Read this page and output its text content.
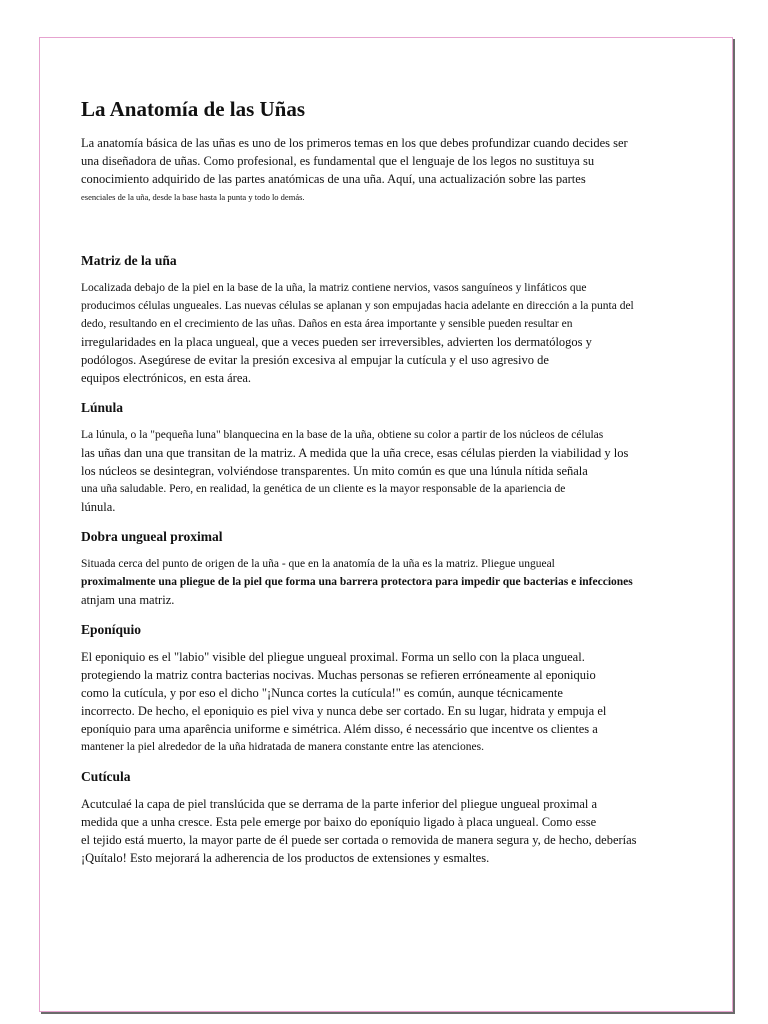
La Anatomía de las Uñas

La anatomía básica de las uñas es uno de los primeros temas en los que debes profundizar cuando decides ser
una diseñadora de uñas. Como profesional, es fundamental que el lenguaje de los legos no sustituya su
conocimiento adquirido de las partes anatómicas de una uña. Aquí, una actualización sobre las partes
esenciales de la uña, desde la base hasta la punta y todo lo demás.

Matriz de la uña

Localizada debajo de la piel en la base de la uña, la matriz contiene nervios, vasos sanguíneos y linfáticos que
producimos células ungueales. Las nuevas células se aplanan y son empujadas hacia adelante en dirección a la punta del
dedo, resultando en el crecimiento de las uñas. Daños en esta área importante y sensible pueden resultar en
irregularidades en la placa ungueal, que a veces pueden ser irreversibles, advierten los dermatólogos y
podólogos. Asegúrese de evitar la presión excesiva al empujar la cutícula y el uso agresivo de
equipos electrónicos, en esta área.

Lúnula

La lúnula, o la "pequeña luna" blanquecina en la base de la uña, obtiene su color a partir de los núcleos de células
las uñas dan una que transitan de la matriz. A medida que la uña crece, esas células pierden la viabilidad y los
los núcleos se desintegran, volviéndose transparentes. Un mito común es que una lúnula nítida señala
una uña saludable. Pero, en realidad, la genética de un cliente es la mayor responsable de la apariencia de
lúnula.

Dobra ungueal proximal

Situada cerca del punto de origen de la uña - que en la anatomía de la uña es la matriz. Pliegue ungueal
proximalmente una pliegue de la piel que forma una barrera protectora para impedir que bacterias e infecciones
atnjam una matriz.

Eponíquio

El eponiquio es el "labio" visible del pliegue ungueal proximal. Forma un sello con la placa ungueal.
protegiendo la matriz contra bacterias nocivas. Muchas personas se refieren erróneamente al eponiquio
como la cutícula, y por eso el dicho "¡Nunca cortes la cutícula!" es común, aunque técnicamente
incorrecto. De hecho, el eponiquio es piel viva y nunca debe ser cortado. En su lugar, hidrata y empuja el
eponíquio para uma aparência uniforme e simétrica. Além disso, é necessário que incentve os clientes a
mantener la piel alrededor de la uña hidratada de manera constante entre las atenciones.

Cutícula

Acutculaé la capa de piel translúcida que se derrama de la parte inferior del pliegue ungueal proximal a
medida que a unha cresce. Esta pele emerge por baixo do eponíquio ligado à placa ungueal. Como esse
el tejido está muerto, la mayor parte de él puede ser cortada o removida de manera segura y, de hecho, deberías
¡Quítalo! Esto mejorará la adherencia de los productos de extensiones y esmaltes.
